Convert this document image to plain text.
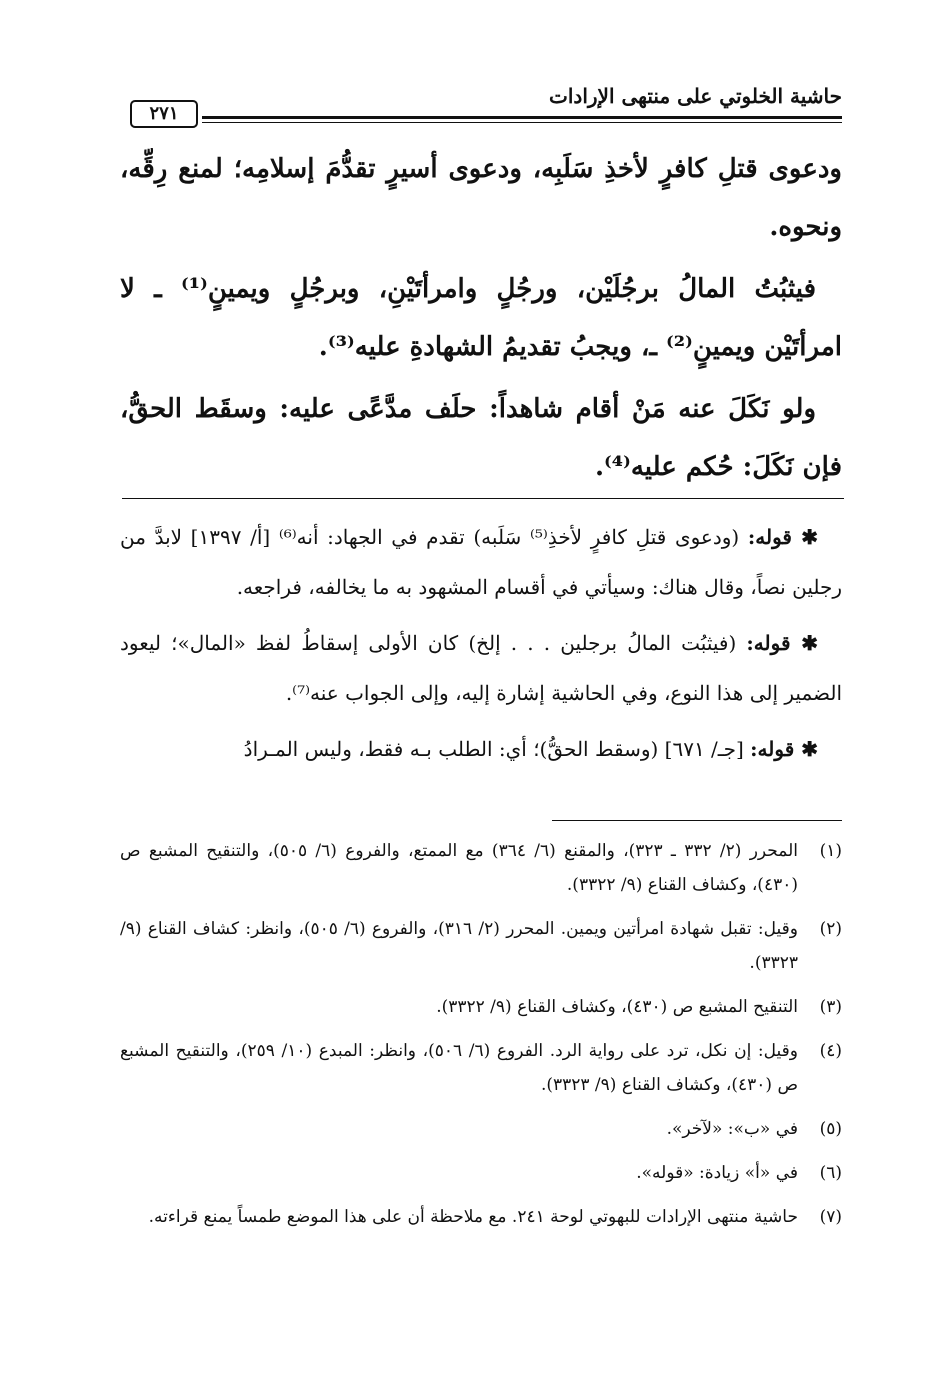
حاشية الخلوتي على منتهى الإرادات
٢٧١

ودعوى قتلِ كافرٍ لأخذِ سَلَبِه، ودعوى أسيرٍ تقدُّمَ إسلامِه؛ لمنع رِقِّه، ونحوه.

فيثبُتُ المالُ برجُلَيْن، ورجُلٍ وامرأتَيْنِ، وبرجُلٍ ويمينٍ⁽¹⁾ ـ لا امرأتَيْن ويمينٍ⁽²⁾ ـ، ويجبُ تقديمُ الشهادةِ عليه⁽³⁾.

ولو نَكَلَ عنه مَنْ أقام شاهداً: حلَف مدَّعًى عليه: وسقَط الحقُّ، فإن نَكَلَ: حُكم عليه⁽⁴⁾.

✱ قوله: (ودعوى قتلِ كافرٍ لأخذِ⁽⁵⁾ سَلَبه) تقدم في الجهاد: أنه⁽⁶⁾ [أ/ ١٣٩٧] لابدَّ من رجلين نصاً، وقال هناك: وسيأتي في أقسام المشهود به ما يخالفه، فراجعه.

✱ قوله: (فيثبُت المالُ برجلين . . . إلخ) كان الأولى إسقاطُ لفظ «المال»؛ ليعود الضمير إلى هذا النوع، وفي الحاشية إشارة إليه، وإلى الجواب عنه⁽⁷⁾.

✱ قوله: [جـ/ ٦٧١] (وسقط الحقُّ)؛ أي: الطلب بـه فقط، وليس المـرادُ

(١)
المحرر (٢/ ٣٣٢ ـ ٣٢٣)، والمقنع (٦/ ٣٦٤) مع الممتع، والفروع (٦/ ٥٠٥)، والتنقيح المشبع ص (٤٣٠)، وكشاف القناع (٩/ ٣٣٢٢).
(٢)
وقيل: تقبل شهادة امرأتين ويمين. المحرر (٢/ ٣١٦)، والفروع (٦/ ٥٠٥)، وانظر: كشاف القناع (٩/ ٣٣٢٣).
(٣)
التنقيح المشبع ص (٤٣٠)، وكشاف القناع (٩/ ٣٣٢٢).
(٤)
وقيل: إن نكل، ترد على رواية الرد. الفروع (٦/ ٥٠٦)، وانظر: المبدع (١٠/ ٢٥٩)، والتنقيح المشبع ص (٤٣٠)، وكشاف القناع (٩/ ٣٣٢٣).
(٥)
في «ب»: «لآخر».
(٦)
في «أ» زيادة: «قوله».
(٧)
حاشية منتهى الإرادات للبهوتي لوحة ٢٤١. مع ملاحظة أن على هذا الموضع طمساً يمنع قراءته.
